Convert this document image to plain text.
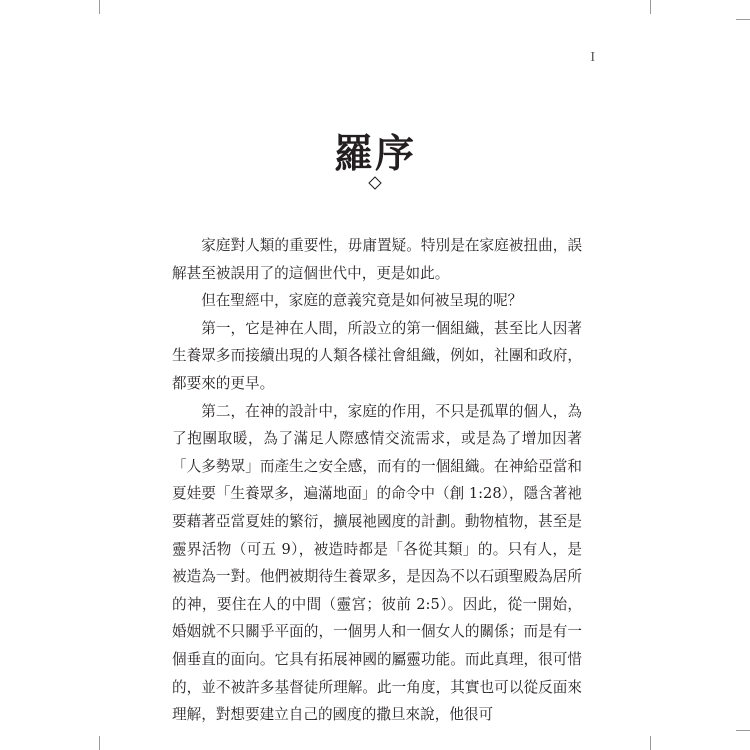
I
羅序

家庭對人類的重要性，毋庸置疑。特別是在家庭被扭曲，誤解甚至被誤用了的這個世代中，更是如此。

但在聖經中，家庭的意義究竟是如何被呈現的呢？

第一，它是神在人間，所設立的第一個組織，甚至比人因著生養眾多而接續出現的人類各樣社會組織，例如，社團和政府，都要來的更早。

第二，在神的設計中，家庭的作用，不只是孤單的個人，為了抱團取暖，為了滿足人際感情交流需求，或是為了增加因著「人多勢眾」而產生之安全感，而有的一個組織。在神給亞當和夏娃要「生養眾多，遍滿地面」的命令中（創 1:28），隱含著祂要藉著亞當夏娃的繁衍，擴展祂國度的計劃。動物植物，甚至是靈界活物（可五 9），被造時都是「各從其類」的。只有人，是被造為一對。他們被期待生養眾多，是因為不以石頭聖殿為居所的神，要住在人的中間（靈宮；彼前 2:5）。因此，從一開始，婚姻就不只關乎平面的，一個男人和一個女人的關係；而是有一個垂直的面向。它具有拓展神國的屬靈功能。而此真理，很可惜的，並不被許多基督徒所理解。此一角度，其實也可以從反面來理解，對想要建立自己的國度的撒旦來說，他很可
